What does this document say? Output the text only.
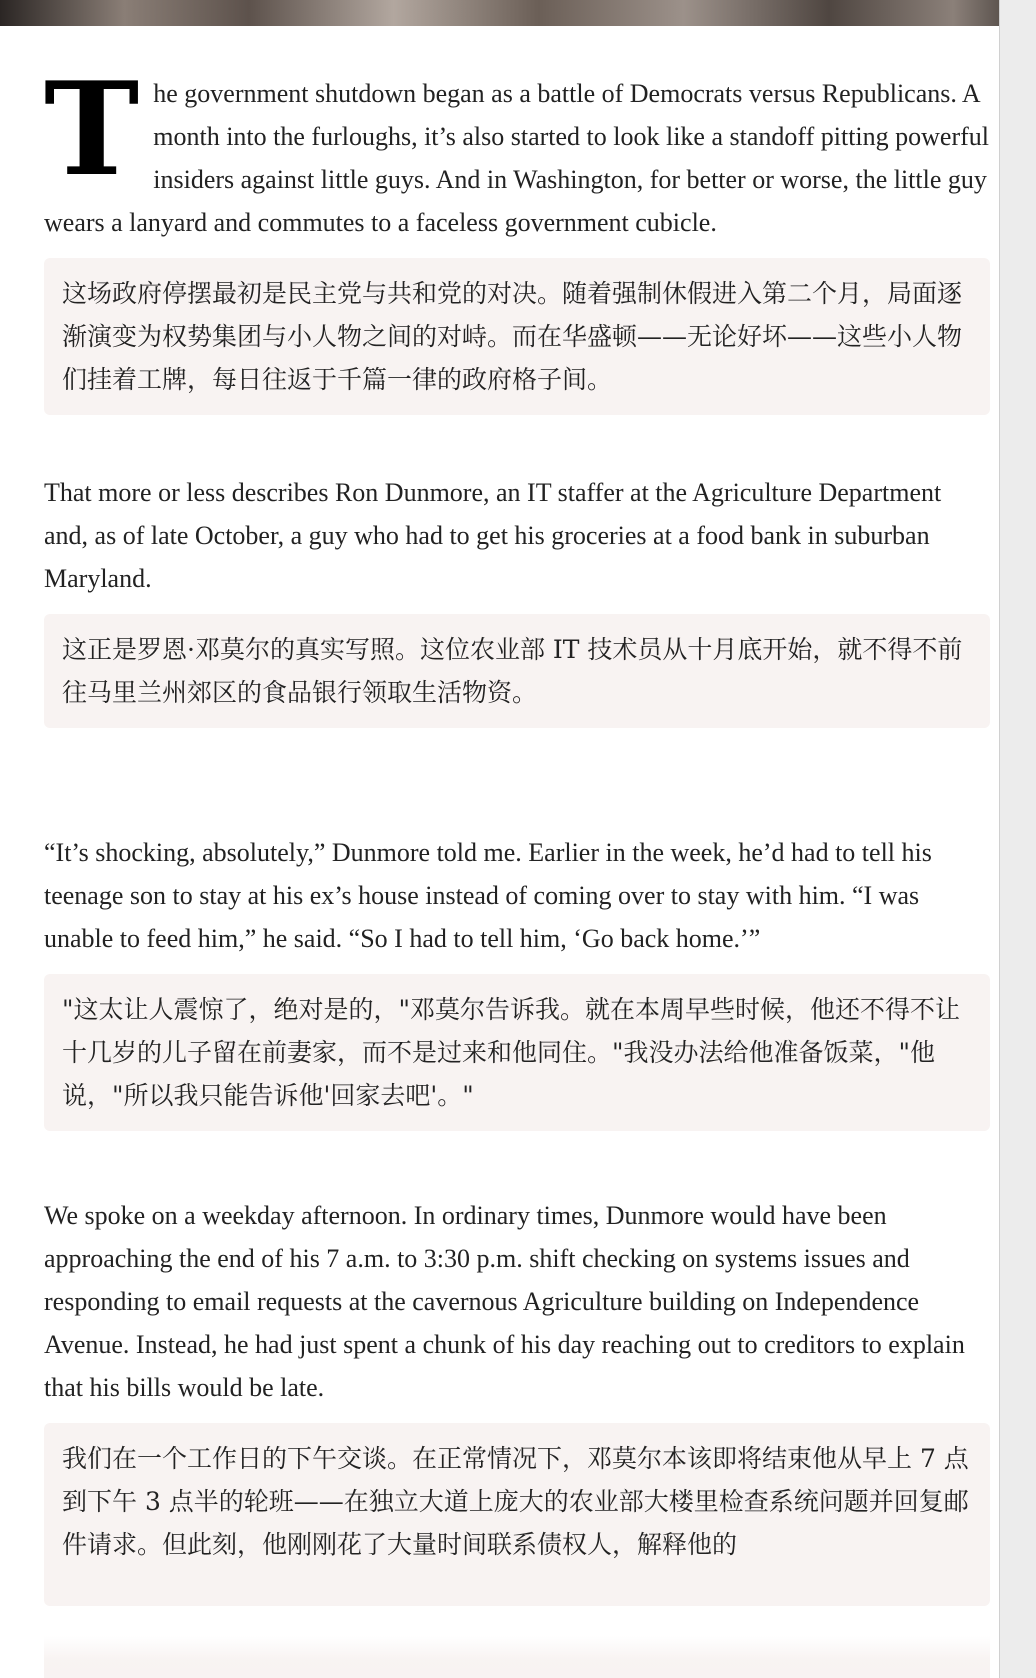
The government shutdown began as a battle of Democrats versus Republicans. A month into the furloughs, it’s also started to look like a standoff pitting powerful insiders against little guys. And in Washington, for better or worse, the little guy wears a lanyard and commutes to a faceless government cubicle.

这场政府停摆最初是民主党与共和党的对决。随着强制休假进入第二个月，局面逐渐演变为权势集团与小人物之间的对峙。而在华盛顿——无论好坏——这些小人物们挂着工牌，每日往返于千篇一律的政府格子间。

That more or less describes Ron Dunmore, an IT staffer at the Agriculture Department and, as of late October, a guy who had to get his groceries at a food bank in suburban Maryland.

这正是罗恩·邓莫尔的真实写照。这位农业部 IT 技术员从十月底开始，就不得不前往马里兰州郊区的食品银行领取生活物资。

“It’s shocking, absolutely,” Dunmore told me. Earlier in the week, he’d had to tell his teenage son to stay at his ex’s house instead of coming over to stay with him. “I was unable to feed him,” he said. “So I had to tell him, ‘Go back home.’”

"这太让人震惊了，绝对是的，"邓莫尔告诉我。就在本周早些时候，他还不得不让十几岁的儿子留在前妻家，而不是过来和他同住。"我没办法给他准备饭菜，"他说，"所以我只能告诉他'回家去吧'。"

We spoke on a weekday afternoon. In ordinary times, Dunmore would have been approaching the end of his 7 a.m. to 3:30 p.m. shift checking on systems issues and responding to email requests at the cavernous Agriculture building on Independence Avenue. Instead, he had just spent a chunk of his day reaching out to creditors to explain that his bills would be late.

我们在一个工作日的下午交谈。在正常情况下，邓莫尔本该即将结束他从早上 7 点到下午 3 点半的轮班——在独立大道上庞大的农业部大楼里检查系统问题并回复邮件请求。但此刻，他刚刚花了大量时间联系债权人，解释他的
